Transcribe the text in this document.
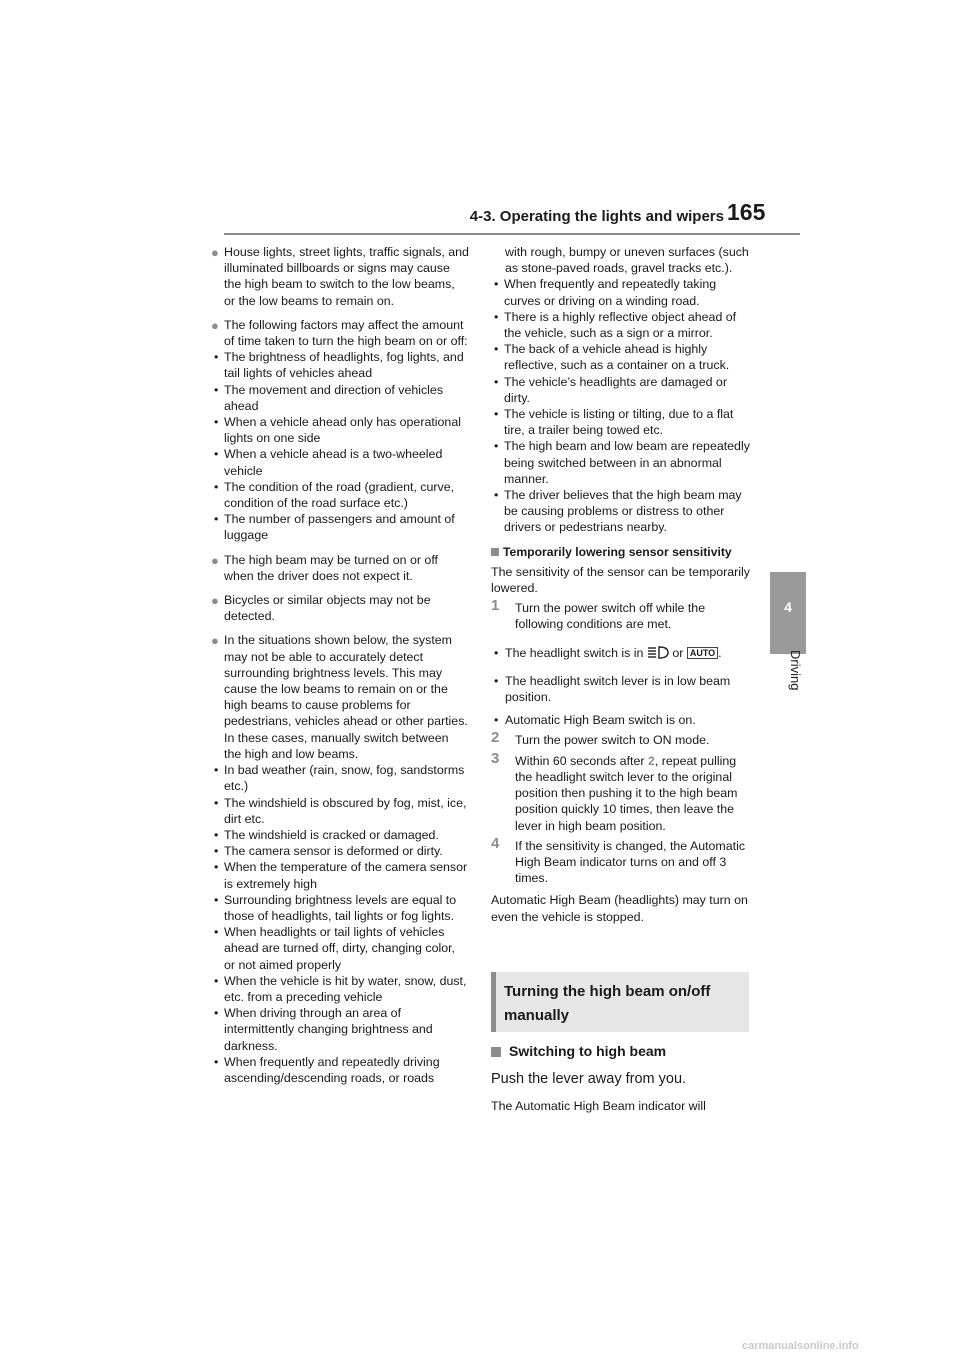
4-3. Operating the lights and wipers 165
4
Driving
● House lights, street lights, traffic signals, and illuminated billboards or signs may cause the high beam to switch to the low beams, or the low beams to remain on.

● The following factors may affect the amount of time taken to turn the high beam on or off:

• The brightness of headlights, fog lights, and tail lights of vehicles ahead
• The movement and direction of vehicles ahead
• When a vehicle ahead only has operational lights on one side
• When a vehicle ahead is a two-wheeled vehicle
• The condition of the road (gradient, curve, condition of the road surface etc.)
• The number of passengers and amount of luggage
● The high beam may be turned on or off when the driver does not expect it.

● Bicycles or similar objects may not be detected.

● In the situations shown below, the system may not be able to accurately detect surrounding brightness levels. This may cause the low beams to remain on or the high beams to cause problems for pedestrians, vehicles ahead or other parties. In these cases, manually switch between the high and low beams.

• In bad weather (rain, snow, fog, sandstorms etc.)
• The windshield is obscured by fog, mist, ice, dirt etc.
• The windshield is cracked or damaged.
• The camera sensor is deformed or dirty.
• When the temperature of the camera sensor is extremely high
• Surrounding brightness levels are equal to those of headlights, tail lights or fog lights.
• When headlights or tail lights of vehicles ahead are turned off, dirty, changing color, or not aimed properly
• When the vehicle is hit by water, snow, dust, etc. from a preceding vehicle
• When driving through an area of intermittently changing brightness and darkness.
• When frequently and repeatedly driving ascending/descending roads, or roads

with rough, bumpy or uneven surfaces (such as stone-paved roads, gravel tracks etc.).

• When frequently and repeatedly taking curves or driving on a winding road.
• There is a highly reflective object ahead of the vehicle, such as a sign or a mirror.
• The back of a vehicle ahead is highly reflective, such as a container on a truck.
• The vehicle’s headlights are damaged or dirty.
• The vehicle is listing or tilting, due to a flat tire, a trailer being towed etc.
• The high beam and low beam are repeatedly being switched between in an abnormal manner.
• The driver believes that the high beam may be causing problems or distress to other drivers or pedestrians nearby.
Temporarily lowering sensor sensitivity

The sensitivity of the sensor can be temporarily lowered.

1 Turn the power switch off while the following conditions are met.
• The headlight switch is in or AUTO .
• The headlight switch lever is in low beam position.
• Automatic High Beam switch is on.
2 Turn the power switch to ON mode.
3 Within 60 seconds after 2, repeat pulling the headlight switch lever to the original position then pushing it to the high beam position quickly 10 times, then leave the lever in high beam position.
4 If the sensitivity is changed, the Automatic High Beam indicator turns on and off 3 times.

Automatic High Beam (headlights) may turn on even the vehicle is stopped.

Turning the high beam on/off manually
Switching to high beam
Push the lever away from you.
The Automatic High Beam indicator will
carmanualsonline.info
